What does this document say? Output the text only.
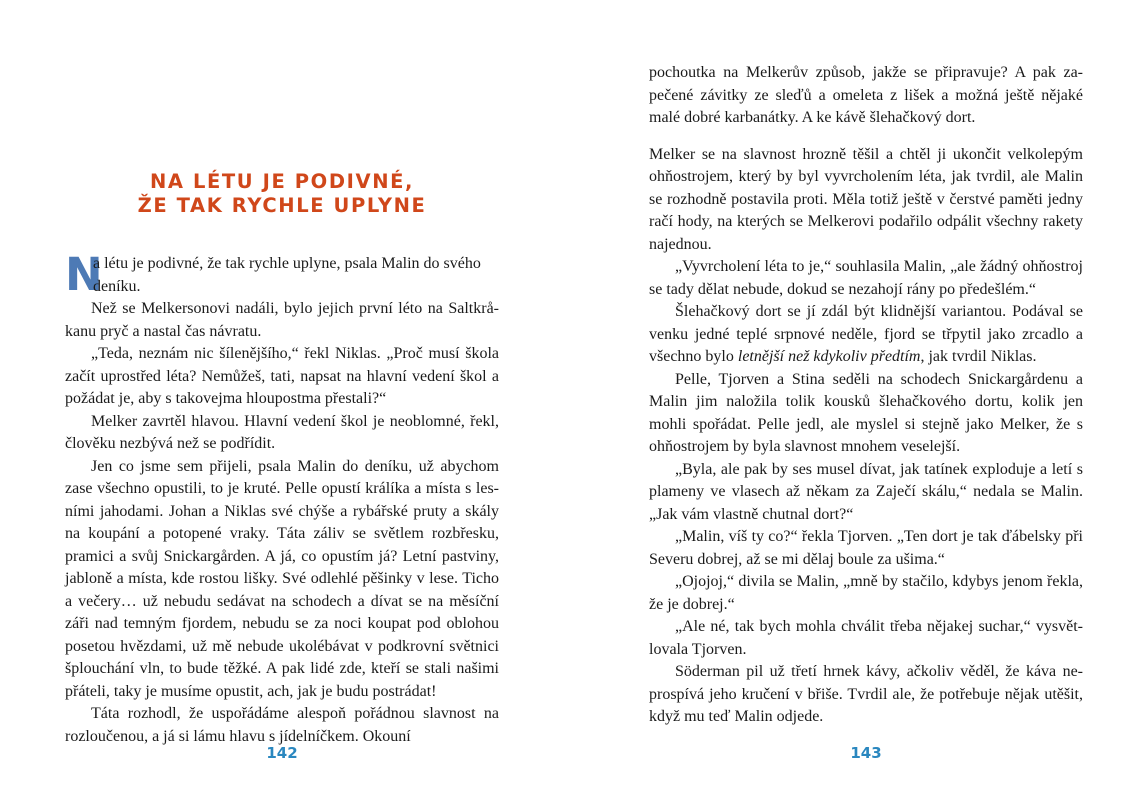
NA LÉTU JE PODIVNÉ,
ŽE TAK RYCHLE UPLYNE
N

a létu je podivné, že tak rychle uplyne, psala Malin do svého

deníku.

Než se Melkersonovi nadáli, bylo jejich první léto na Saltkråkanu pryč a nastal čas návratu.

„Teda, neznám nic šílenějšího,“ řekl Niklas. „Proč musí škola začít uprostřed léta? Nemůžeš, tati, napsat na hlavní vedení škol a požádat je, aby s takovejma hloupostma přestali?“

Melker zavrtěl hlavou. Hlavní vedení škol je neoblomné, řekl, člověku nezbývá než se podřídit.

Jen co jsme sem přijeli, psala Malin do deníku, už abychom zase všechno opustili, to je kruté. Pelle opustí králíka a místa s lesními jahodami. Johan a Niklas své chýše a rybářské pruty a skály na koupání a potopené vraky. Táta záliv se světlem rozbřesku, pramici a svůj Snickargården. A já, co opustím já? Letní pastviny, jabloně a místa, kde rostou lišky. Své odlehlé pěšinky v lese. Ticho a večery… už nebudu sedávat na schodech a dívat se na měsíční záři nad temným fjordem, nebudu se za noci koupat pod oblohou posetou hvězdami, už mě nebude ukolébávat v podkrovní světnici šplouchání vln, to bude těžké. A pak lidé zde, kteří se stali našimi přáteli, taky je musíme opustit, ach, jak je budu postrádat!

Táta rozhodl, že uspořádáme alespoň pořádnou slavnost na rozloučenou, a já si lámu hlavu s jídelníčkem. Okouní

142

pochoutka na Melkerův způsob, jakže se připravuje? A pak zapečené závitky ze sleďů a omeleta z lišek a možná ještě nějaké malé dobré karbanátky. A ke kávě šlehačkový dort.

Melker se na slavnost hrozně těšil a chtěl ji ukončit velkolepým ohňostrojem, který by byl vyvrcholením léta, jak tvrdil, ale Malin se rozhodně postavila proti. Měla totiž ještě v čerstvé paměti jedny račí hody, na kterých se Melkerovi podařilo odpálit všechny rakety najednou.

„Vyvrcholení léta to je,“ souhlasila Malin, „ale žádný ohňostroj se tady dělat nebude, dokud se nezahojí rány po předešlém.“

Šlehačkový dort se jí zdál být klidnější variantou. Podával se venku jedné teplé srpnové neděle, fjord se třpytil jako zrcadlo a všechno bylo letnější než kdykoliv předtím, jak tvrdil Niklas.

Pelle, Tjorven a Stina seděli na schodech Snickargårdenu a Malin jim naložila tolik kousků šlehačkového dortu, kolik jen mohli spořádat. Pelle jedl, ale myslel si stejně jako Melker, že s ohňostrojem by byla slavnost mnohem veselejší.

„Byla, ale pak by ses musel dívat, jak tatínek exploduje a letí s plameny ve vlasech až někam za Zaječí skálu,“ nedala se Malin. „Jak vám vlastně chutnal dort?“

„Malin, víš ty co?“ řekla Tjorven. „Ten dort je tak ďábelsky při Severu dobrej, až se mi dělaj boule za ušima.“

„Ojojoj,“ divila se Malin, „mně by stačilo, kdybys jenom řekla, že je dobrej.“

„Ale né, tak bych mohla chválit třeba nějakej suchar,“ vysvětlovala Tjorven.

Söderman pil už třetí hrnek kávy, ačkoliv věděl, že káva neprospívá jeho kručení v břiše. Tvrdil ale, že potřebuje nějak utěšit, když mu teď Malin odjede.

143
